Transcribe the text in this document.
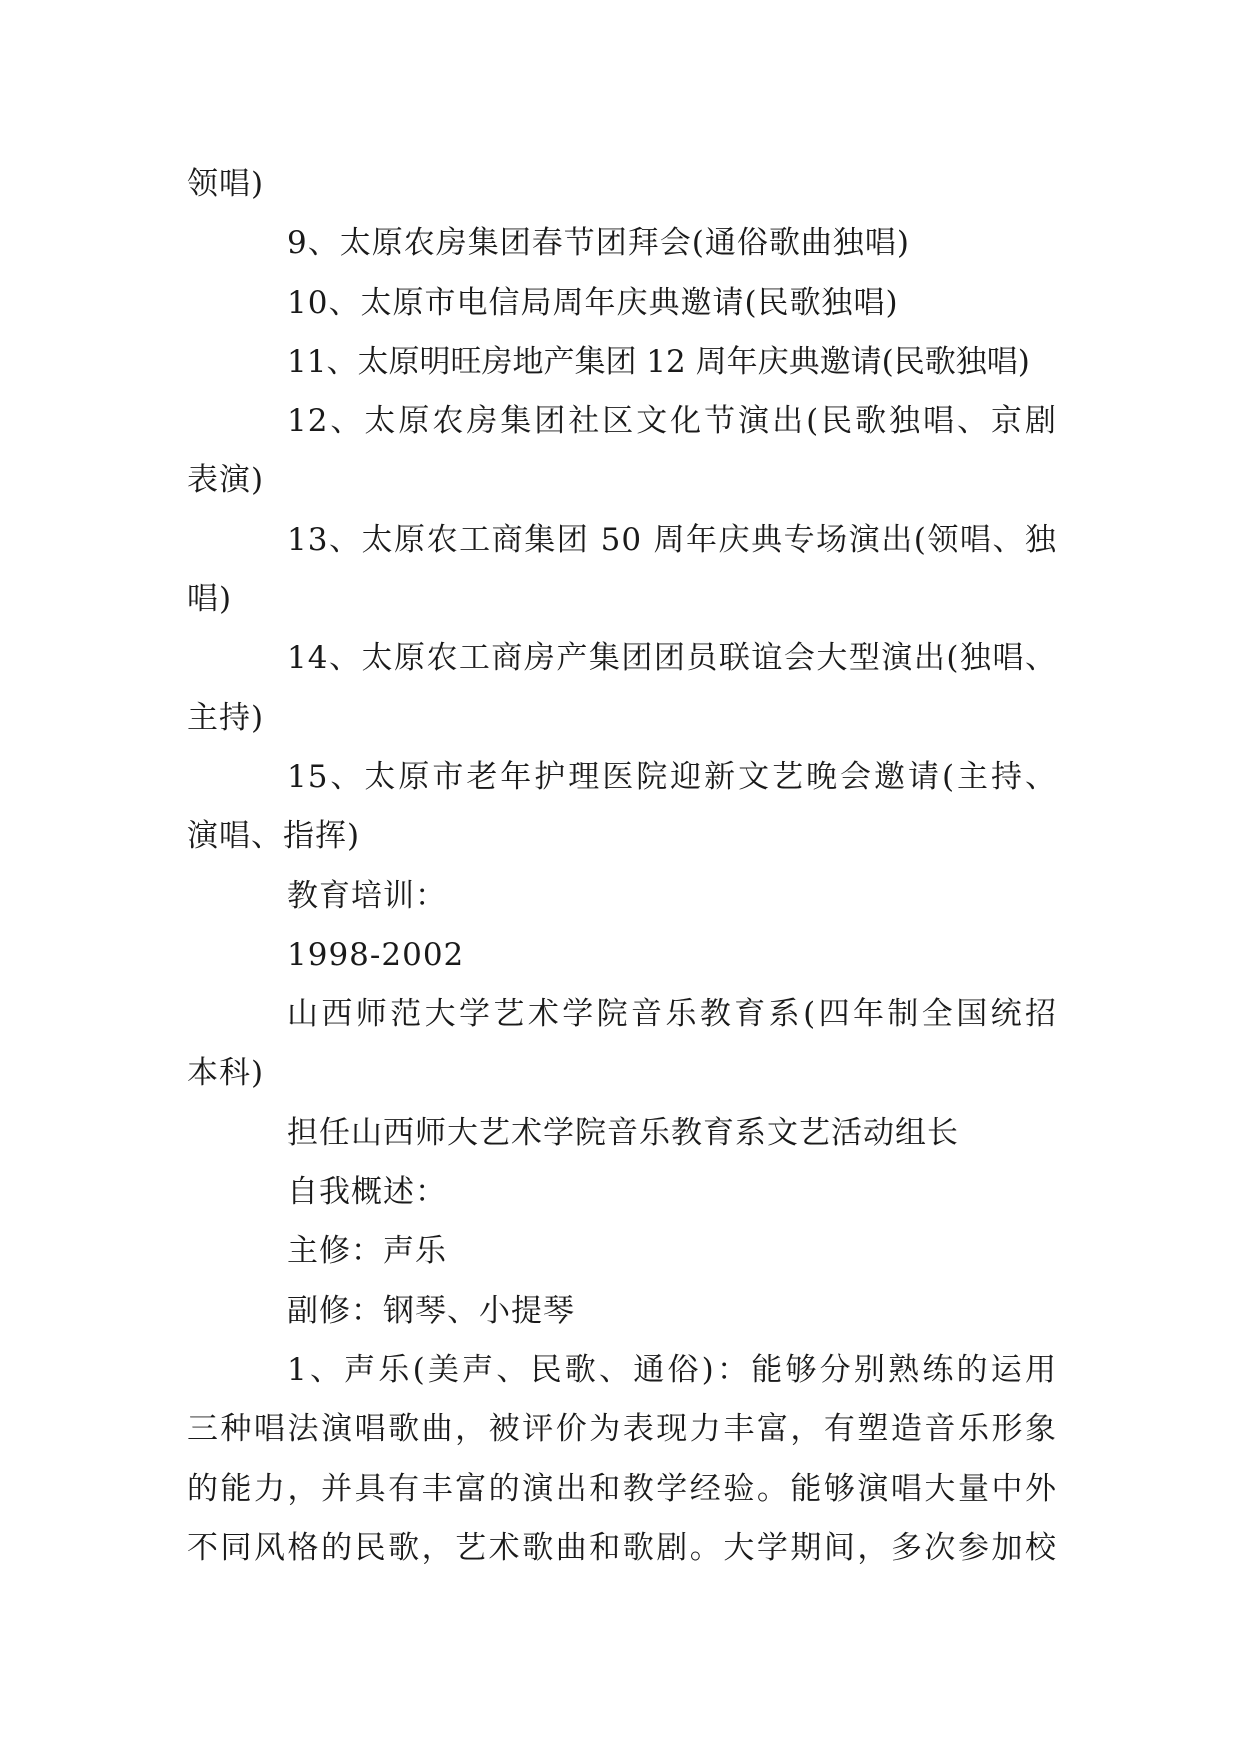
领唱)
9、太原农房集团春节团拜会(通俗歌曲独唱)
10、太原市电信局周年庆典邀请(民歌独唱)
11、太原明旺房地产集团 12 周年庆典邀请(民歌独唱)
12、太原农房集团社区文化节演出(民歌独唱、京剧
表演)
13、太原农工商集团 50 周年庆典专场演出(领唱、独
唱)
14、太原农工商房产集团团员联谊会大型演出(独唱、
主持)
15、太原市老年护理医院迎新文艺晚会邀请(主持、
演唱、指挥)
教育培训：
1998-2002
山西师范大学艺术学院音乐教育系(四年制全国统招
本科)
担任山西师大艺术学院音乐教育系文艺活动组长
自我概述：
主修：声乐
副修：钢琴、小提琴
1、声乐(美声、民歌、通俗)：能够分别熟练的运用
三种唱法演唱歌曲，被评价为表现力丰富，有塑造音乐形象
的能力，并具有丰富的演出和教学经验。能够演唱大量中外
不同风格的民歌，艺术歌曲和歌剧。大学期间，多次参加校
